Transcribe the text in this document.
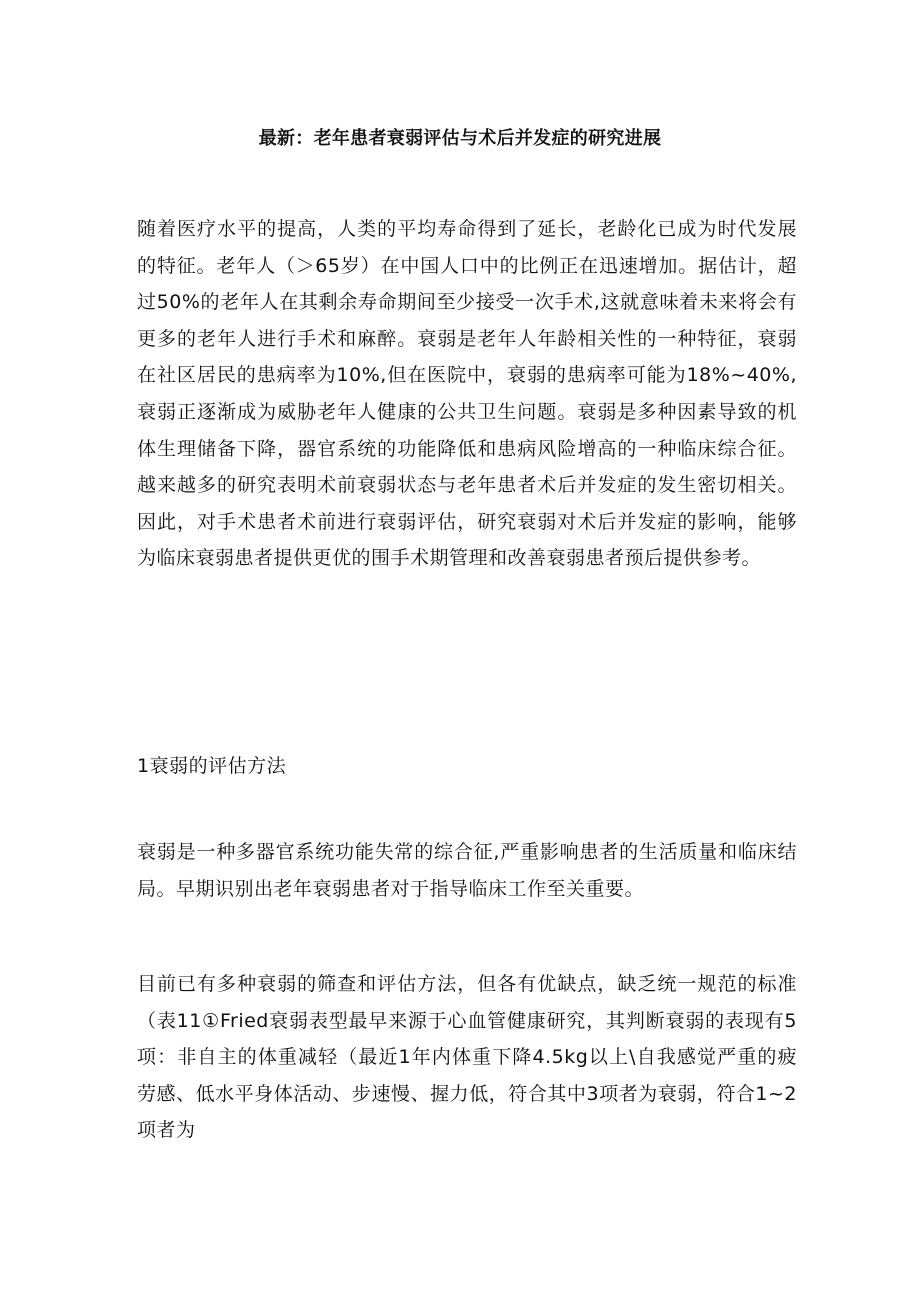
最新：老年患者衰弱评估与术后并发症的研究进展

随着医疗水平的提高，人类的平均寿命得到了延长，老龄化已成为时代发展的特征。老年人（＞65岁）在中国人口中的比例正在迅速增加。据估计，超过50%的老年人在其剩余寿命期间至少接受一次手术,这就意味着未来将会有更多的老年人进行手术和麻醉。衰弱是老年人年龄相关性的一种特征，衰弱在社区居民的患病率为10%,但在医院中，衰弱的患病率可能为18%~40%,衰弱正逐渐成为威胁老年人健康的公共卫生问题。衰弱是多种因素导致的机体生理储备下降，器官系统的功能降低和患病风险增高的一种临床综合征。越来越多的研究表明术前衰弱状态与老年患者术后并发症的发生密切相关。因此，对手术患者术前进行衰弱评估，研究衰弱对术后并发症的影响，能够为临床衰弱患者提供更优的围手术期管理和改善衰弱患者预后提供参考。

1衰弱的评估方法

衰弱是一种多器官系统功能失常的综合征,严重影响患者的生活质量和临床结局。早期识别出老年衰弱患者对于指导临床工作至关重要。

目前已有多种衰弱的筛查和评估方法，但各有优缺点，缺乏统一规范的标准（表11①Fried衰弱表型最早来源于心血管健康研究，其判断衰弱的表现有5项：非自主的体重减轻（最近1年内体重下降4.5kg以上\自我感觉严重的疲劳感、低水平身体活动、步速慢、握力低，符合其中3项者为衰弱，符合1~2项者为
